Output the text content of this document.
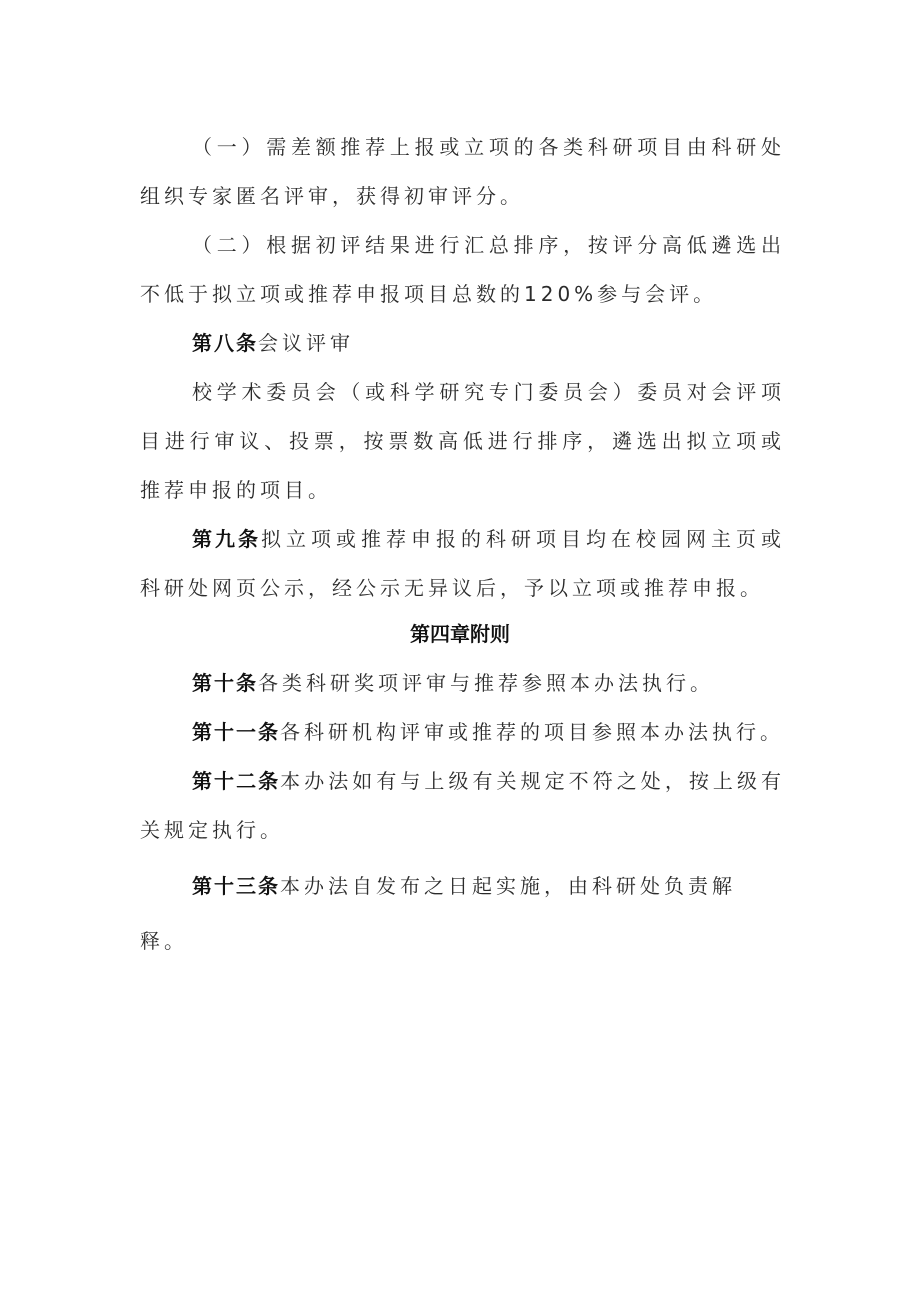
（一）需差额推荐上报或立项的各类科研项目由科研处组织专家匿名评审，获得初审评分。

（二）根据初评结果进行汇总排序，按评分高低遴选出不低于拟立项或推荐申报项目总数的120%参与会评。

第八条会议评审

校学术委员会（或科学研究专门委员会）委员对会评项目进行审议、投票，按票数高低进行排序，遴选出拟立项或推荐申报的项目。

第九条拟立项或推荐申报的科研项目均在校园网主页或科研处网页公示，经公示无异议后，予以立项或推荐申报。

第四章附则

第十条各类科研奖项评审与推荐参照本办法执行。

第十一条各科研机构评审或推荐的项目参照本办法执行。

第十二条本办法如有与上级有关规定不符之处，按上级有关规定执行。

第十三条本办法自发布之日起实施，由科研处负责解

释。
